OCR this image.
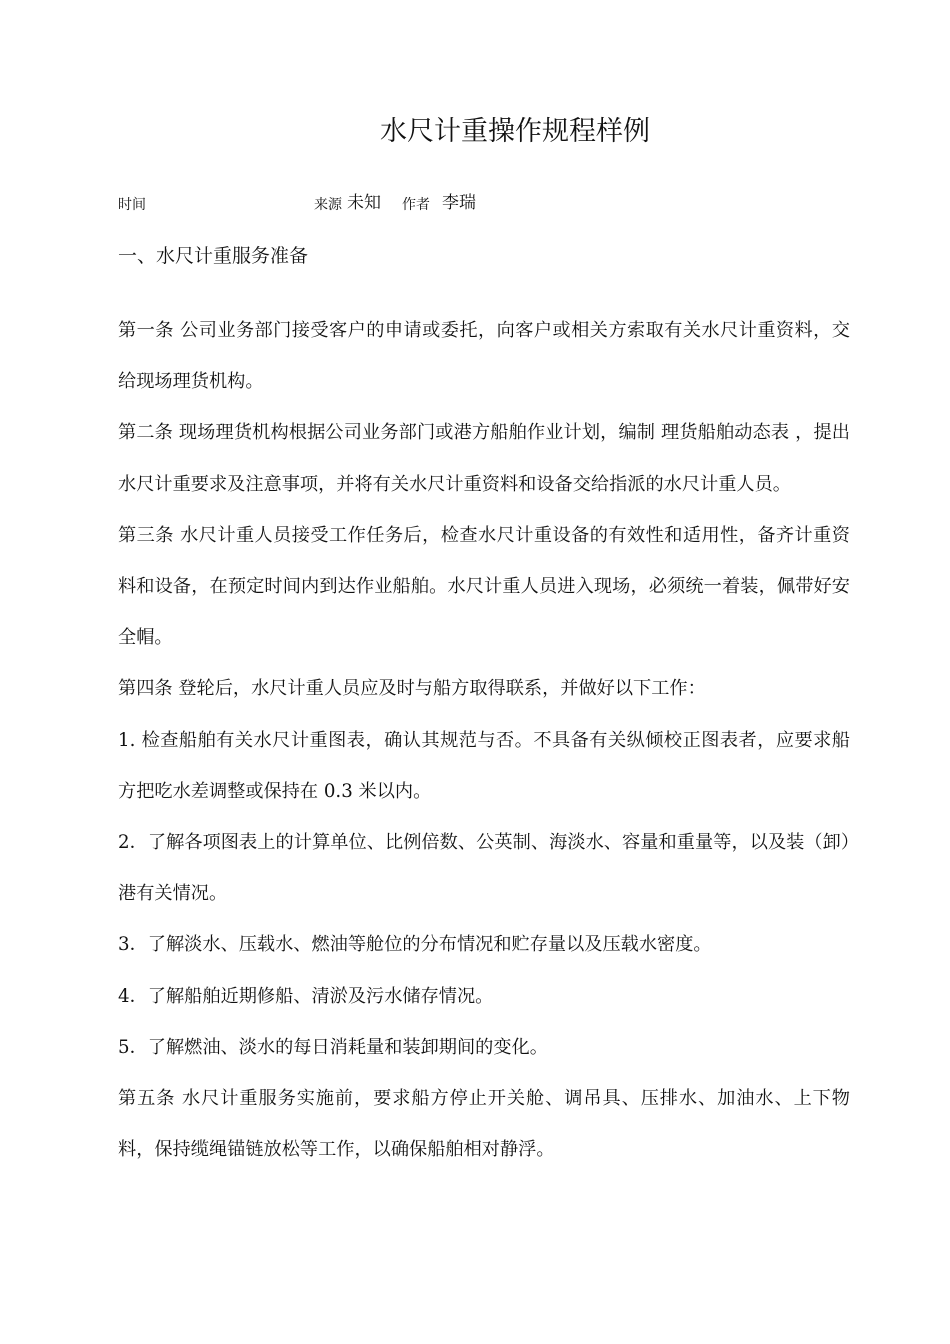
水尺计重操作规程样例
时间	来源 未知 作者 李瑞
一、水尺计重服务准备

第一条 公司业务部门接受客户的申请或委托，向客户或相关方索取有关水尺计重资料，交给现场理货机构。

第二条 现场理货机构根据公司业务部门或港方船舶作业计划，编制 理货船舶动态表 ，提出水尺计重要求及注意事项，并将有关水尺计重资料和设备交给指派的水尺计重人员。

第三条 水尺计重人员接受工作任务后，检查水尺计重设备的有效性和适用性，备齐计重资料和设备，在预定时间内到达作业船舶。水尺计重人员进入现场，必须统一着装，佩带好安全帽。

第四条 登轮后，水尺计重人员应及时与船方取得联系，并做好以下工作：

1. 检查船舶有关水尺计重图表，确认其规范与否。不具备有关纵倾校正图表者，应要求船方把吃水差调整或保持在 0.3 米以内。

2．了解各项图表上的计算单位、比例倍数、公英制、海淡水、容量和重量等，以及装（卸）港有关情况。

3．了解淡水、压载水、燃油等舱位的分布情况和贮存量以及压载水密度。

4．了解船舶近期修船、清淤及污水储存情况。

5．了解燃油、淡水的每日消耗量和装卸期间的变化。

第五条 水尺计重服务实施前，要求船方停止开关舱、调吊具、压排水、加油水、上下物料，保持缆绳锚链放松等工作，以确保船舶相对静浮。
